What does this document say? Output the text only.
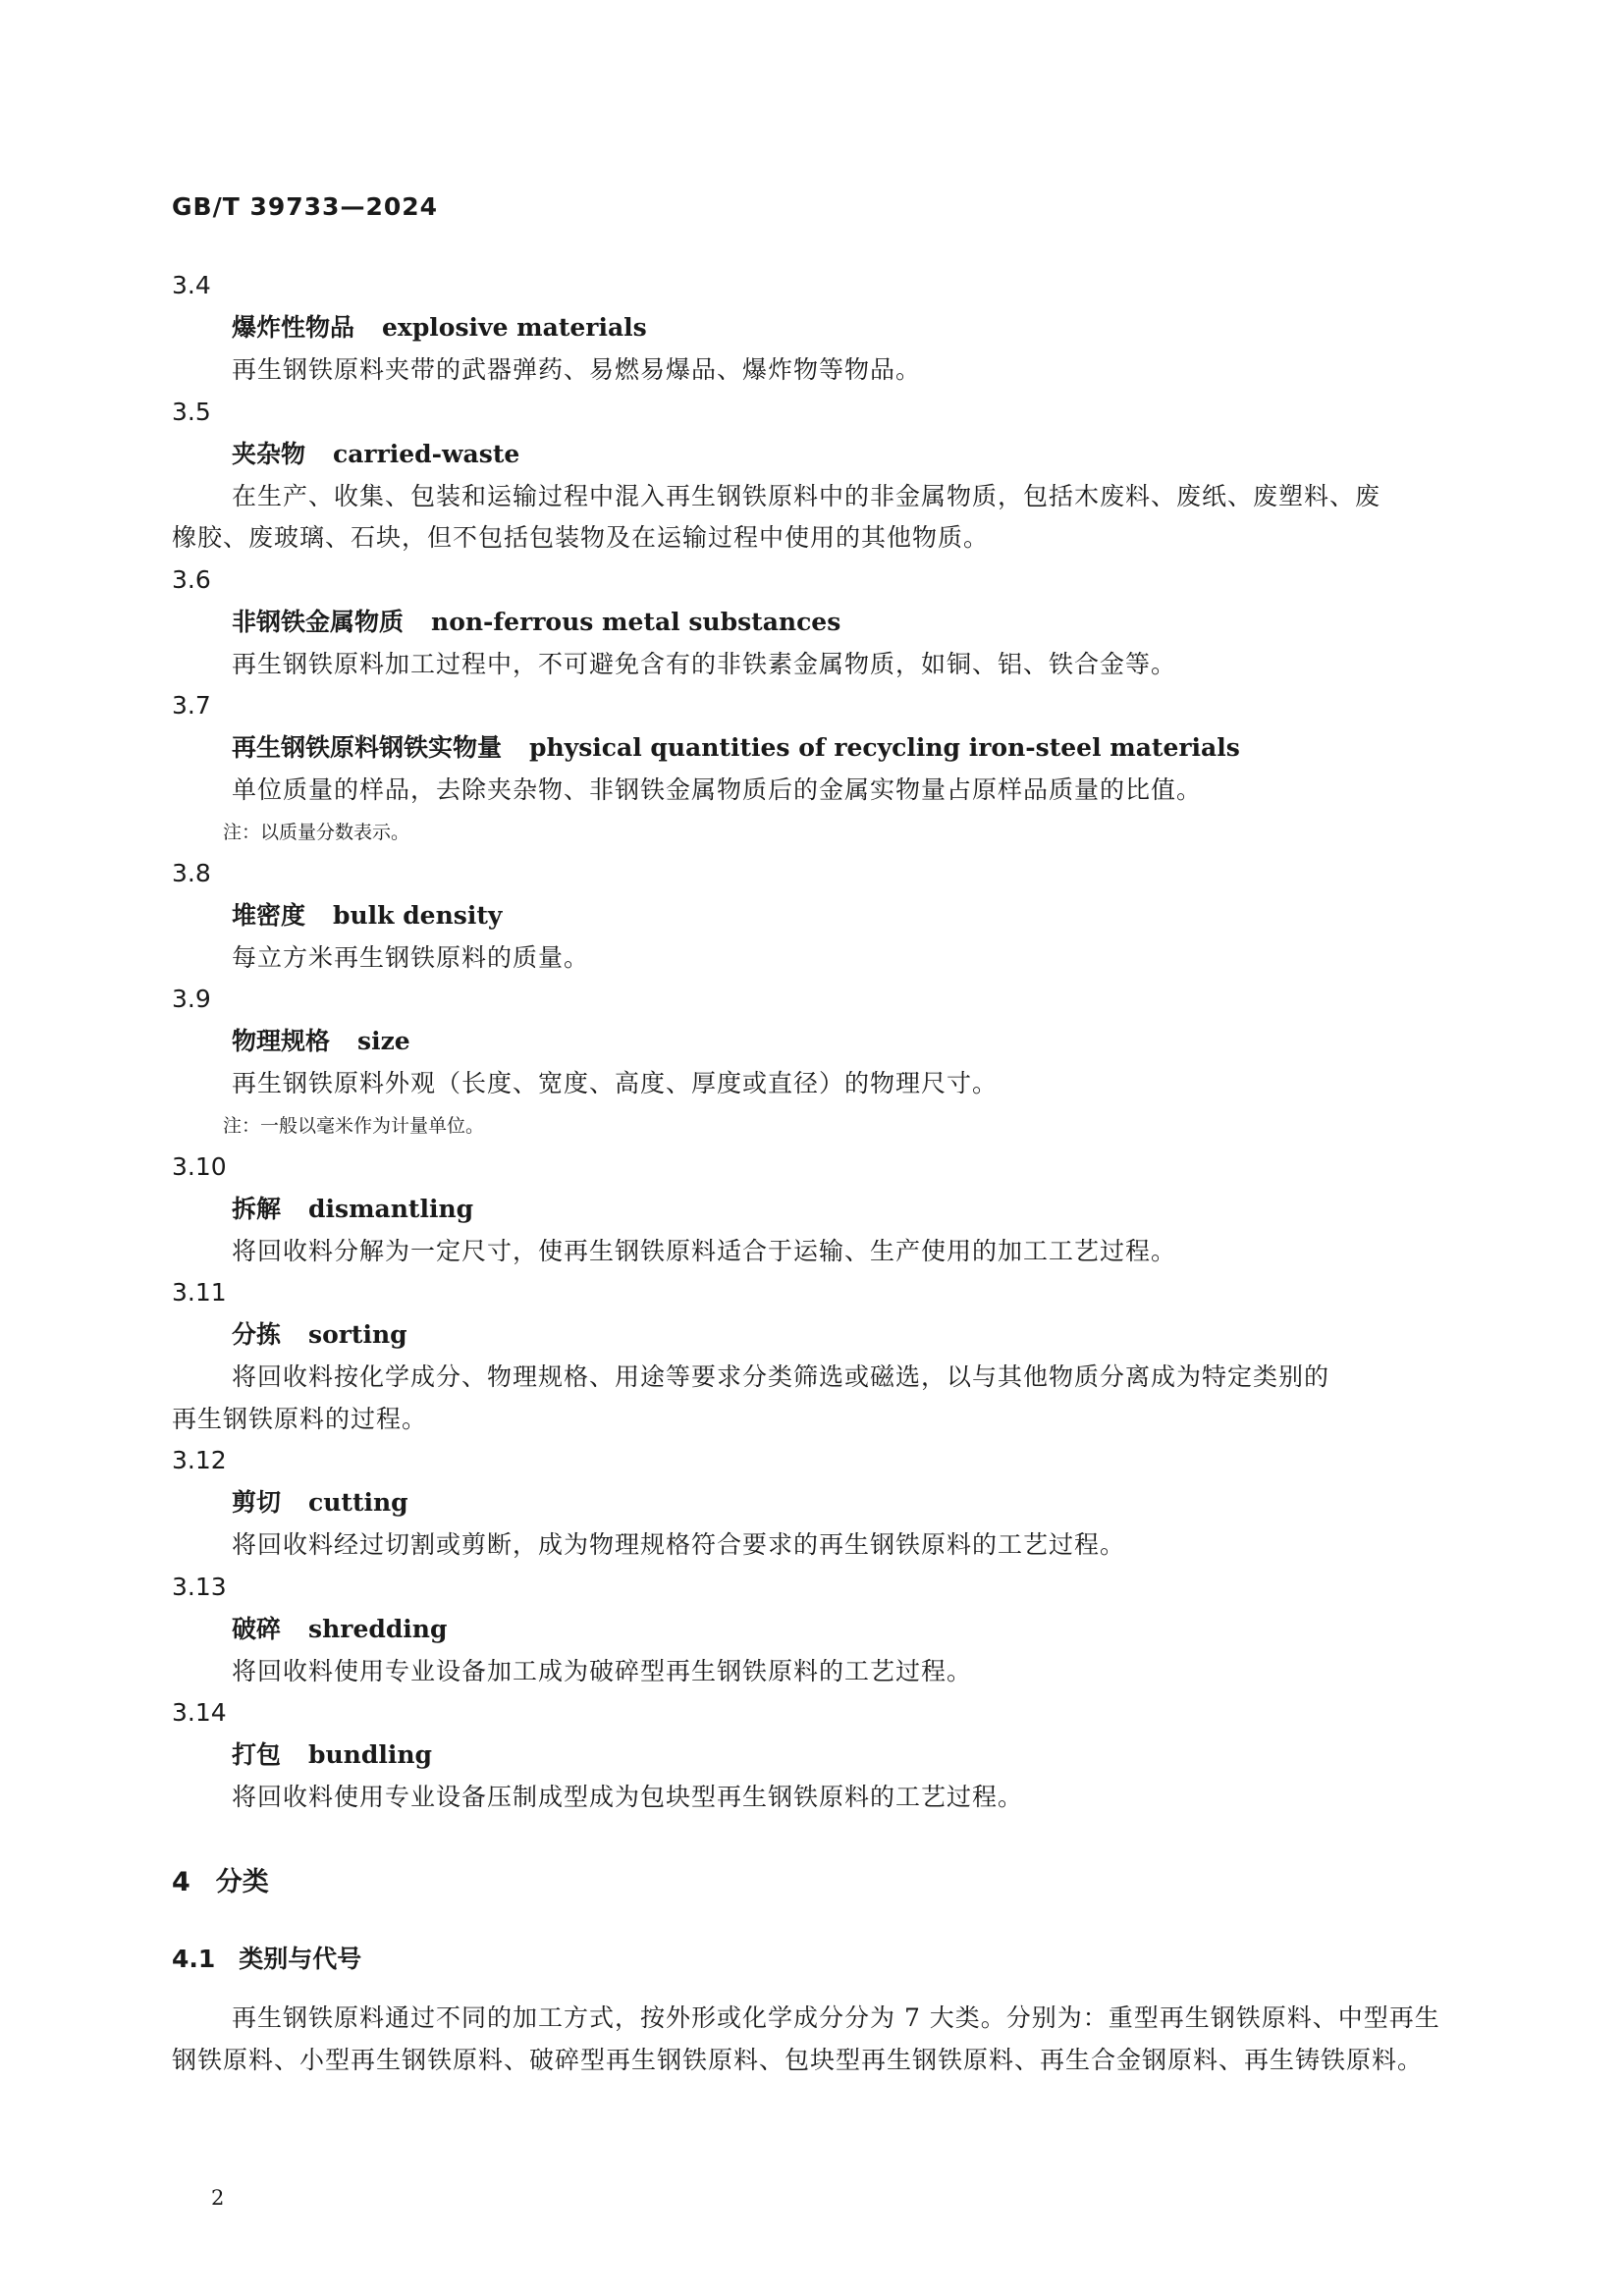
GB/T 39733—2024
3.4
爆炸性物品 explosive materials
再生钢铁原料夹带的武器弹药、易燃易爆品、爆炸物等物品。
3.5
夹杂物 carried-waste
在生产、收集、包装和运输过程中混入再生钢铁原料中的非金属物质，包括木废料、废纸、废塑料、废
橡胶、废玻璃、石块，但不包括包装物及在运输过程中使用的其他物质。
3.6
非钢铁金属物质 non-ferrous metal substances
再生钢铁原料加工过程中，不可避免含有的非铁素金属物质，如铜、铝、铁合金等。
3.7
再生钢铁原料钢铁实物量 physical quantities of recycling iron-steel materials
单位质量的样品，去除夹杂物、非钢铁金属物质后的金属实物量占原样品质量的比值。
注：以质量分数表示。
3.8
堆密度 bulk density
每立方米再生钢铁原料的质量。
3.9
物理规格 size
再生钢铁原料外观（长度、宽度、高度、厚度或直径）的物理尺寸。
注：一般以毫米作为计量单位。
3.10
拆解 dismantling
将回收料分解为一定尺寸，使再生钢铁原料适合于运输、生产使用的加工工艺过程。
3.11
分拣 sorting
将回收料按化学成分、物理规格、用途等要求分类筛选或磁选，以与其他物质分离成为特定类别的
再生钢铁原料的过程。
3.12
剪切 cutting
将回收料经过切割或剪断，成为物理规格符合要求的再生钢铁原料的工艺过程。
3.13
破碎 shredding
将回收料使用专业设备加工成为破碎型再生钢铁原料的工艺过程。
3.14
打包 bundling
将回收料使用专业设备压制成型成为包块型再生钢铁原料的工艺过程。
4 分类
4.1 类别与代号
再生钢铁原料通过不同的加工方式，按外形或化学成分分为 7 大类。分别为：重型再生钢铁原料、中型再生钢铁原料、小型再生钢铁原料、破碎型再生钢铁原料、包块型再生钢铁原料、再生合金钢原料、再生铸铁原料。
2
